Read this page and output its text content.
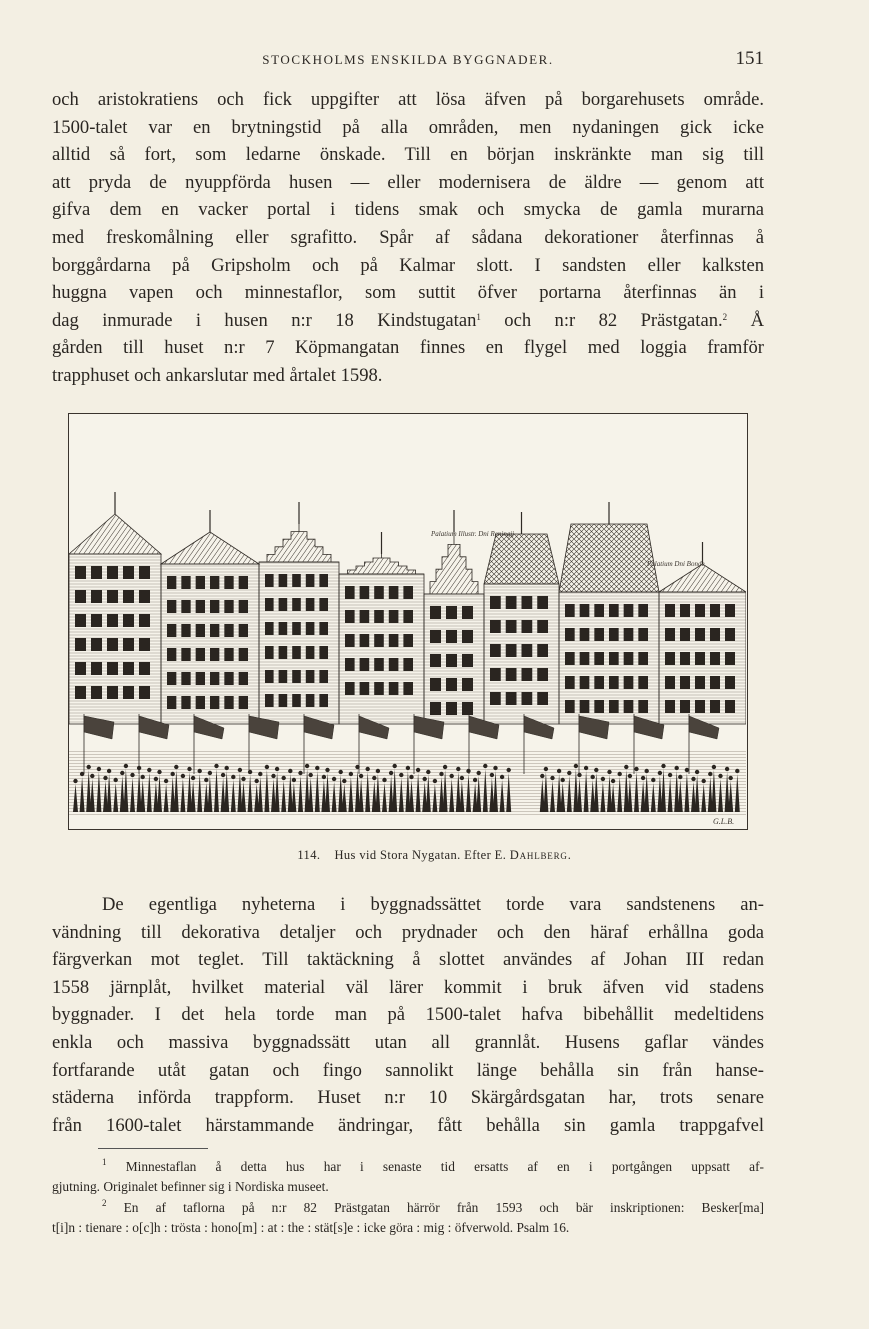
STOCKHOLMS ENSKILDA BYGGNADER.	151
och aristokratiens och fick uppgifter att lösa äfven på borgarehusets område.
1500-talet var en brytningstid på alla områden, men nydaningen gick icke
alltid så fort, som ledarne önskade. Till en början inskränkte man sig till
att pryda de nyuppförda husen — eller modernisera de äldre — genom att
gifva dem en vacker portal i tidens smak och smycka de gamla murarna
med freskomålning eller sgrafitto. Spår af sådana dekorationer återfinnas å
borggårdarna på Gripsholm och på Kalmar slott. I sandsten eller kalksten
huggna vapen och minnestaflor, som suttit öfver portarna återfinnas än i
dag inmurade i husen n:r 18 Kindstugatan$^1$ och n:r 82 Prästgatan.$^2$ Å
gården till huset n:r 7 Köpmangatan finnes en flygel med loggia framför
trapphuset och ankarslutar med årtalet 1598.
Palatium Illustr. Dni Reningij
Palatium Dni Bonde
G.L.B.
114. Hus vid Stora Nygatan. Efter E. Dahlberg.
De egentliga nyheterna i byggnadssättet torde vara sandstenens an-
vändning till dekorativa detaljer och prydnader och den häraf erhållna goda
färgverkan mot teglet. Till taktäckning å slottet användes af Johan III redan
1558 järnplåt, hvilket material väl lärer kommit i bruk äfven vid stadens
byggnader. I det hela torde man på 1500-talet hafva bibehållit medeltidens
enkla och massiva byggnadssätt utan all grannlåt. Husens gaflar vändes
fortfarande utåt gatan och fingo sannolikt länge behålla sin från hanse-
städerna införda trappform. Huset n:r 10 Skärgårdsgatan har, trots senare
från 1600-talet härstammande ändringar, fått behålla sin gamla trappgafvel
$^1$ Minnestaflan å detta hus har i senaste tid ersatts af en i portgången uppsatt af-
gjutning. Originalet befinner sig i Nordiska museet.
$^2$ En af taflorna på n:r 82 Prästgatan härrör från 1593 och bär inskriptionen: Besker[ma]
t[i]n : tienare : o[c]h : trösta : hono[m] : at : the : stät[s]e : icke göra : mig : öfverwold. Psalm 16.
